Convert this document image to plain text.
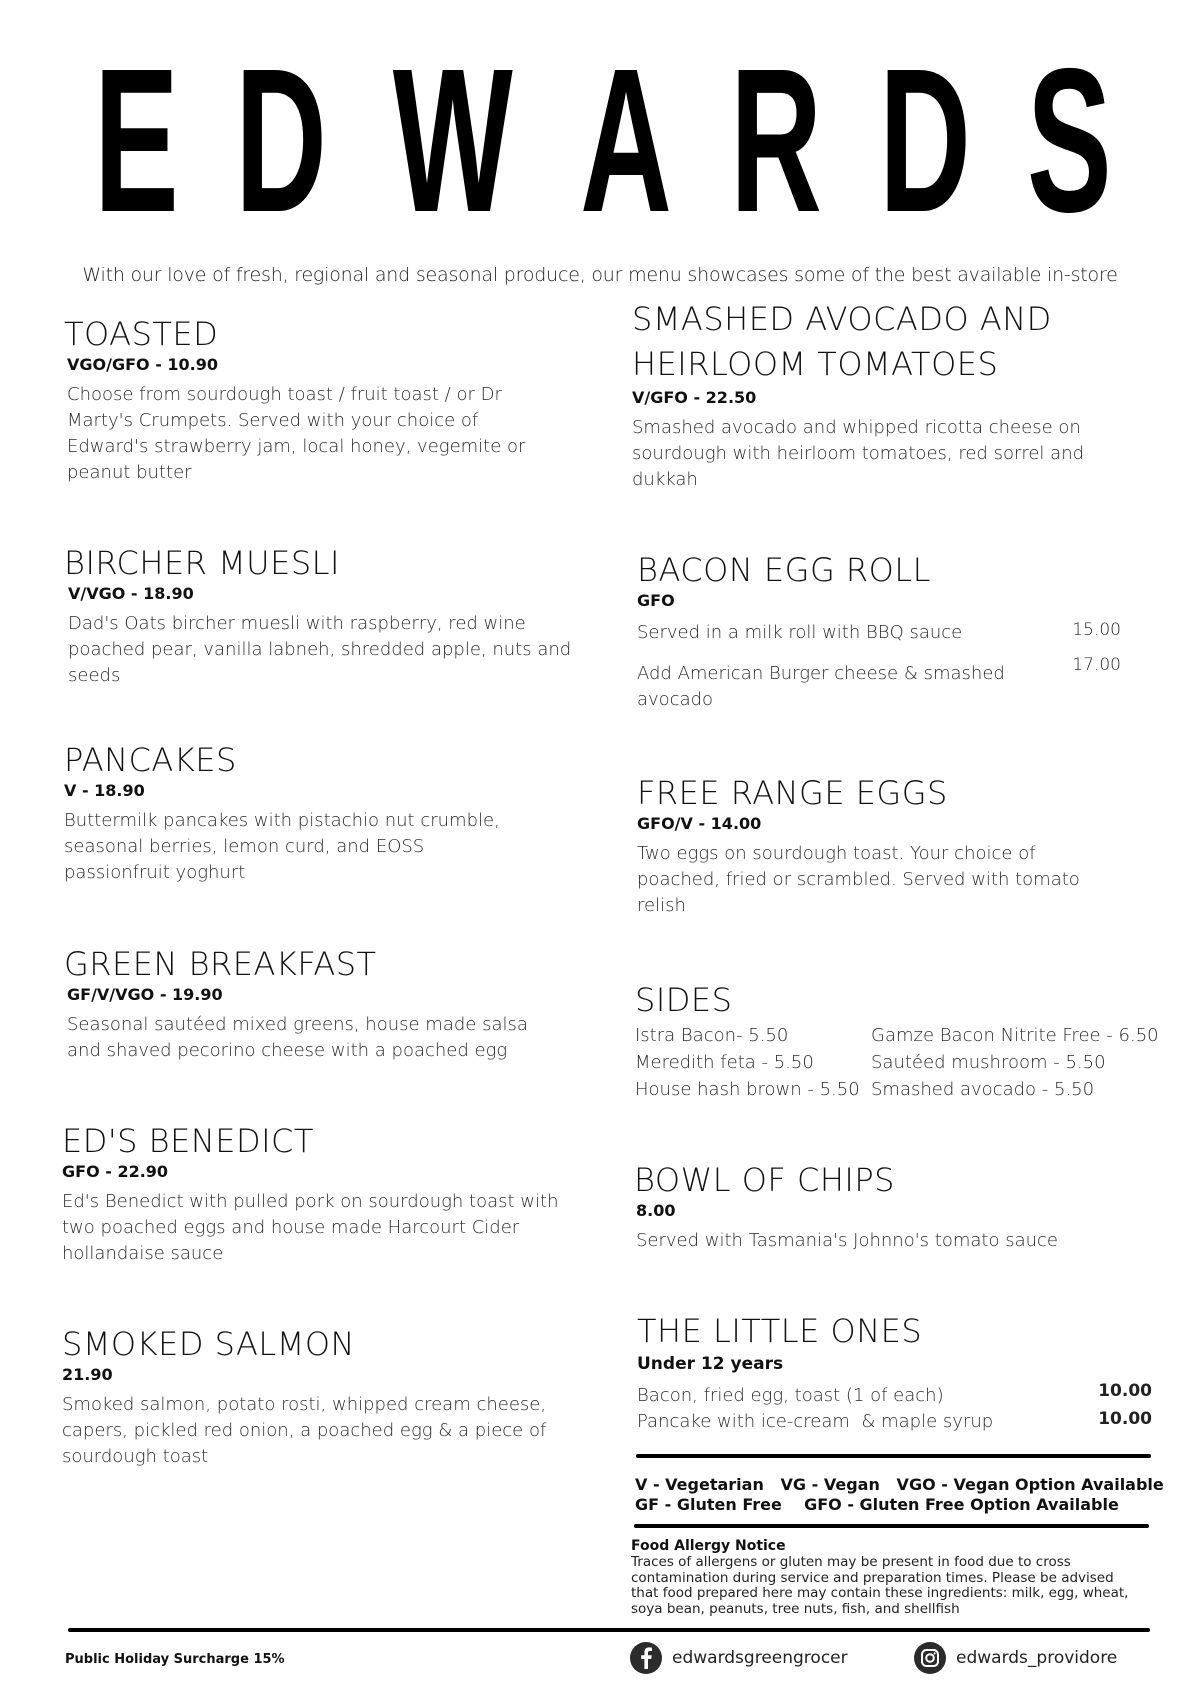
E D W A R D S
With our love of fresh, regional and seasonal produce, our menu showcases some of the best available in-store
TOASTED
VGO/GFO - 10.90
Choose from sourdough toast / fruit toast / or Dr Marty's Crumpets. Served with your choice of Edward's strawberry jam, local honey, vegemite or peanut butter
BIRCHER MUESLI
V/VGO - 18.90
Dad's Oats bircher muesli with raspberry, red wine poached pear, vanilla labneh, shredded apple, nuts and seeds
PANCAKES
V - 18.90
Buttermilk pancakes with pistachio nut crumble, seasonal berries, lemon curd, and EOSS passionfruit yoghurt
GREEN BREAKFAST
GF/V/VGO - 19.90
Seasonal sautéed mixed greens, house made salsa and shaved pecorino cheese with a poached egg
ED'S BENEDICT
GFO - 22.90
Ed's Benedict with pulled pork on sourdough toast with two poached eggs and house made Harcourt Cider hollandaise sauce
SMOKED SALMON
21.90
Smoked salmon, potato rosti, whipped cream cheese, capers, pickled red onion, a poached egg & a piece of sourdough toast
SMASHED AVOCADO AND
HEIRLOOM TOMATOES
V/GFO - 22.50
Smashed avocado and whipped ricotta cheese on sourdough with heirloom tomatoes, red sorrel and dukkah
BACON EGG ROLL
GFO
Served in a milk roll with BBQ sauce	15.00
Add American Burger cheese & smashed avocado
17.00
FREE RANGE EGGS
GFO/V - 14.00
Two eggs on sourdough toast. Your choice of poached, fried or scrambled. Served with tomato relish
SIDES
Istra Bacon- 5.50	Gamze Bacon Nitrite Free - 6.50
Meredith feta - 5.50	Sautéed mushroom - 5.50
House hash brown - 5.50 Smashed avocado - 5.50
BOWL OF CHIPS
8.00
Served with Tasmania's Johnno's tomato sauce
THE LITTLE ONES
Under 12 years
Bacon, fried egg, toast (1 of each)	10.00
Pancake with ice-cream  & maple syrup	10.00
V - Vegetarian   VG - Vegan   VGO - Vegan Option Available
GF - Gluten Free    GFO - Gluten Free Option Available
Food Allergy Notice
Traces of allergens or gluten may be present in food due to cross contamination during service and preparation times. Please be advised that food prepared here may contain these ingredients: milk, egg, wheat, soya bean, peanuts, tree nuts, fish, and shellfish
Public Holiday Surcharge 15%	edwardsgreengrocer	edwards_providore
